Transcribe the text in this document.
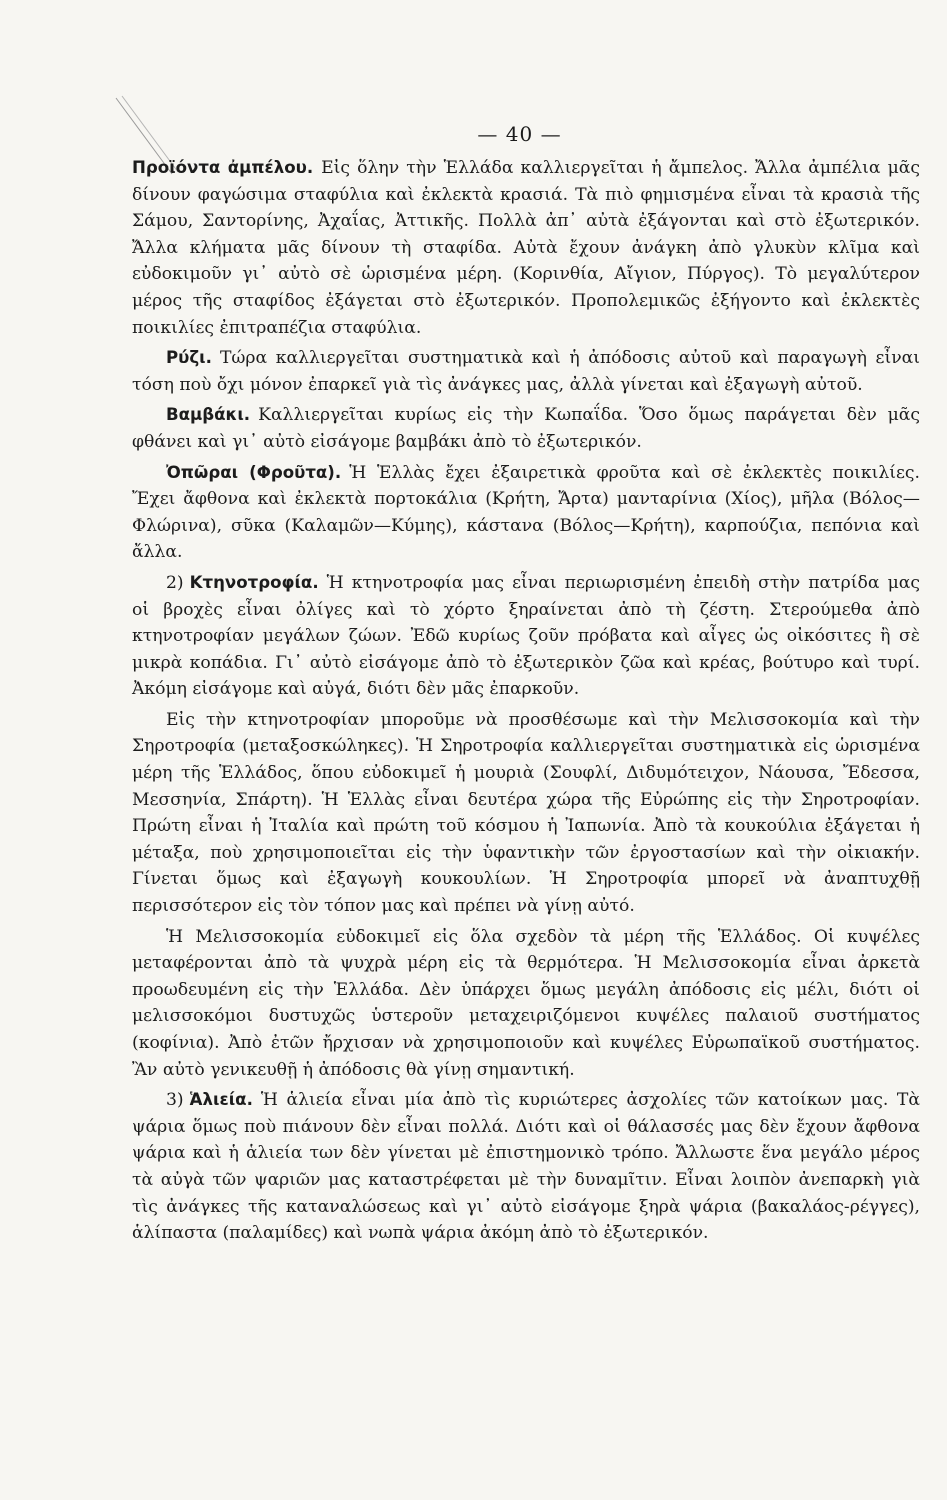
— 40 —

Προϊόντα ἀμπέλου. Εἰς ὅλην τὴν Ἑλλάδα καλλιεργεῖται ἡ ἄμπελος. Ἄλλα ἀμπέλια μᾶς δίνουν φαγώσιμα σταφύλια καὶ ἐκλεκτὰ κρασιά. Τὰ πιὸ φημισμένα εἶναι τὰ κρασιὰ τῆς Σάμου, Σαντορίνης, Ἀχαΐας, Ἀττικῆς. Πολλὰ ἀπ᾽ αὐτὰ ἐξάγονται καὶ στὸ ἐξωτερικόν. Ἄλλα κλήματα μᾶς δίνουν τὴ σταφίδα. Αὐτὰ ἔχουν ἀνάγκη ἀπὸ γλυκὺν κλῖμα καὶ εὐδοκιμοῦν γι᾽ αὐτὸ σὲ ὡρισμένα μέρη. (Κορινθία, Αἴγιον, Πύργος). Τὸ μεγαλύτερον μέρος τῆς σταφίδος ἐξάγεται στὸ ἐξωτερικόν. Προπολεμικῶς ἐξήγοντο καὶ ἐκλεκτὲς ποικιλίες ἐπιτραπέζια σταφύλια.

Ρύζι. Τώρα καλλιεργεῖται συστηματικὰ καὶ ἡ ἀπόδοσις αὐτοῦ καὶ παραγωγὴ εἶναι τόση ποὺ ὄχι μόνον ἐπαρκεῖ γιὰ τὶς ἀνάγκες μας, ἀλλὰ γίνεται καὶ ἐξαγωγὴ αὐτοῦ.

Βαμβάκι. Καλλιεργεῖται κυρίως εἰς τὴν Κωπαΐδα. Ὅσο ὅμως παράγεται δὲν μᾶς φθάνει καὶ γι᾽ αὐτὸ εἰσάγομε βαμβάκι ἀπὸ τὸ ἐξωτερικόν.

Ὀπῶραι (Φροῦτα). Ἡ Ἑλλὰς ἔχει ἐξαιρετικὰ φροῦτα καὶ σὲ ἐκλεκτὲς ποικιλίες. Ἔχει ἄφθονα καὶ ἐκλεκτὰ πορτοκάλια (Κρήτη, Ἄρτα) μανταρίνια (Χίος), μῆλα (Βόλος—Φλώρινα), σῦκα (Καλαμῶν—Κύμης), κάστανα (Βόλος—Κρήτη), καρπούζια, πεπόνια καὶ ἄλλα.

2) Κτηνοτροφία. Ἡ κτηνοτροφία μας εἶναι περιωρισμένη ἐπειδὴ στὴν πατρίδα μας οἱ βροχὲς εἶναι ὀλίγες καὶ τὸ χόρτο ξηραίνεται ἀπὸ τὴ ζέστη. Στερούμεθα ἀπὸ κτηνοτροφίαν μεγάλων ζώων. Ἐδῶ κυρίως ζοῦν πρόβατα καὶ αἶγες ὡς οἰκόσιτες ἢ σὲ μικρὰ κοπάδια. Γι᾽ αὐτὸ εἰσάγομε ἀπὸ τὸ ἐξωτερικὸν ζῶα καὶ κρέας, βούτυρο καὶ τυρί. Ἀκόμη εἰσάγομε καὶ αὐγά, διότι δὲν μᾶς ἐπαρκοῦν.

Εἰς τὴν κτηνοτροφίαν μποροῦμε νὰ προσθέσωμε καὶ τὴν Μελισσοκομία καὶ τὴν Σηροτροφία (μεταξοσκώληκες). Ἡ Σηροτροφία καλλιεργεῖται συστηματικὰ εἰς ὡρισμένα μέρη τῆς Ἑλλάδος, ὅπου εὐδοκιμεῖ ἡ μουριὰ (Σουφλί, Διδυμότειχον, Νάουσα, Ἔδεσσα, Μεσσηνία, Σπάρτη). Ἡ Ἑλλὰς εἶναι δευτέρα χώρα τῆς Εὐρώπης εἰς τὴν Σηροτροφίαν. Πρώτη εἶναι ἡ Ἰταλία καὶ πρώτη τοῦ κόσμου ἡ Ἰαπωνία. Ἀπὸ τὰ κουκούλια ἐξάγεται ἡ μέταξα, ποὺ χρησιμοποιεῖται εἰς τὴν ὑφαντικὴν τῶν ἐργοστασίων καὶ τὴν οἰκιακήν. Γίνεται ὅμως καὶ ἐξαγωγὴ κουκουλίων. Ἡ Σηροτροφία μπορεῖ νὰ ἀναπτυχθῇ περισσότερον εἰς τὸν τόπον μας καὶ πρέπει νὰ γίνῃ αὐτό.

Ἡ Μελισσοκομία εὐδοκιμεῖ εἰς ὅλα σχεδὸν τὰ μέρη τῆς Ἑλλάδος. Οἱ κυψέλες μεταφέρονται ἀπὸ τὰ ψυχρὰ μέρη εἰς τὰ θερμότερα. Ἡ Μελισσοκομία εἶναι ἀρκετὰ προωδευμένη εἰς τὴν Ἑλλάδα. Δὲν ὑπάρχει ὅμως μεγάλη ἀπόδοσις εἰς μέλι, διότι οἱ μελισσοκόμοι δυστυχῶς ὑστεροῦν μεταχειριζόμενοι κυψέλες παλαιοῦ συστήματος (κοφίνια). Ἀπὸ ἐτῶν ἤρχισαν νὰ χρησιμοποιοῦν καὶ κυψέλες Εὐρωπαϊκοῦ συστήματος. Ἂν αὐτὸ γενικευθῇ ἡ ἀπόδοσις θὰ γίνῃ σημαντική.

3) Ἁλιεία. Ἡ ἁλιεία εἶναι μία ἀπὸ τὶς κυριώτερες ἀσχολίες τῶν κατοίκων μας. Τὰ ψάρια ὅμως ποὺ πιάνουν δὲν εἶναι πολλά. Διότι καὶ οἱ θάλασσές μας δὲν ἔχουν ἄφθονα ψάρια καὶ ἡ ἁλιεία των δὲν γίνεται μὲ ἐπιστημονικὸ τρόπο. Ἄλλωστε ἕνα μεγάλο μέρος τὰ αὐγὰ τῶν ψαριῶν μας καταστρέφεται μὲ τὴν δυναμῖτιν. Εἶναι λοιπὸν ἀνεπαρκὴ γιὰ τὶς ἀνάγκες τῆς καταναλώσεως καὶ γι᾽ αὐτὸ εἰσάγομε ξηρὰ ψάρια (βακαλάος-ρέγγες), ἁλίπαστα (παλαμίδες) καὶ νωπὰ ψάρια ἀκόμη ἀπὸ τὸ ἐξωτερικόν.
